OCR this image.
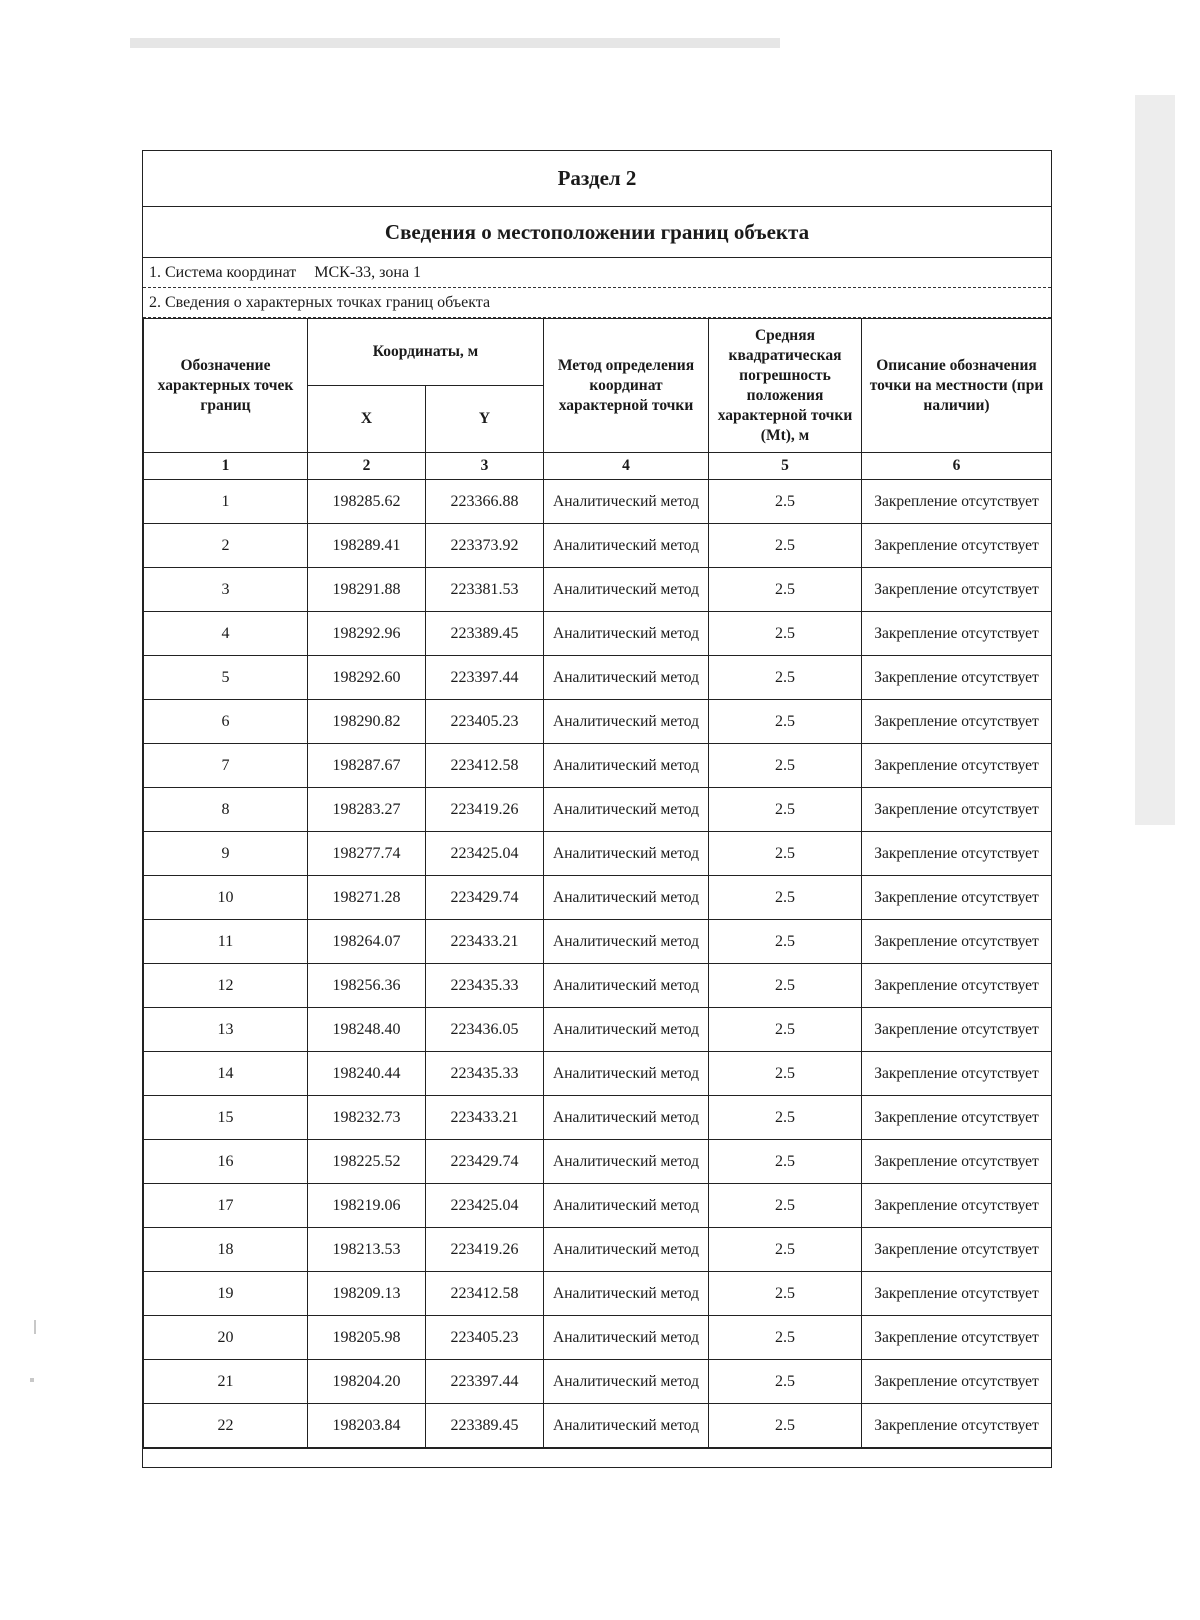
Раздел 2
Сведения о местоположении границ объекта
1. Система координат МСК-33, зона 1
2. Сведения о характерных точках границ объекта
Обозначение характерных точек границ	Координаты, м		Метод определения координат характерной точки	Средняя квадратическая погрешность положения характерной точки (Mt), м	Описание обозначения точки на местности (при наличии)
	X	Y			
1	2	3	4	5	6
1	198285.62	223366.88	Аналитический метод	2.5	Закрепление отсутствует
2	198289.41	223373.92	Аналитический метод	2.5	Закрепление отсутствует
3	198291.88	223381.53	Аналитический метод	2.5	Закрепление отсутствует
4	198292.96	223389.45	Аналитический метод	2.5	Закрепление отсутствует
5	198292.60	223397.44	Аналитический метод	2.5	Закрепление отсутствует
6	198290.82	223405.23	Аналитический метод	2.5	Закрепление отсутствует
7	198287.67	223412.58	Аналитический метод	2.5	Закрепление отсутствует
8	198283.27	223419.26	Аналитический метод	2.5	Закрепление отсутствует
9	198277.74	223425.04	Аналитический метод	2.5	Закрепление отсутствует
10	198271.28	223429.74	Аналитический метод	2.5	Закрепление отсутствует
11	198264.07	223433.21	Аналитический метод	2.5	Закрепление отсутствует
12	198256.36	223435.33	Аналитический метод	2.5	Закрепление отсутствует
13	198248.40	223436.05	Аналитический метод	2.5	Закрепление отсутствует
14	198240.44	223435.33	Аналитический метод	2.5	Закрепление отсутствует
15	198232.73	223433.21	Аналитический метод	2.5	Закрепление отсутствует
16	198225.52	223429.74	Аналитический метод	2.5	Закрепление отсутствует
17	198219.06	223425.04	Аналитический метод	2.5	Закрепление отсутствует
18	198213.53	223419.26	Аналитический метод	2.5	Закрепление отсутствует
19	198209.13	223412.58	Аналитический метод	2.5	Закрепление отсутствует
20	198205.98	223405.23	Аналитический метод	2.5	Закрепление отсутствует
21	198204.20	223397.44	Аналитический метод	2.5	Закрепление отсутствует
22	198203.84	223389.45	Аналитический метод	2.5	Закрепление отсутствует
